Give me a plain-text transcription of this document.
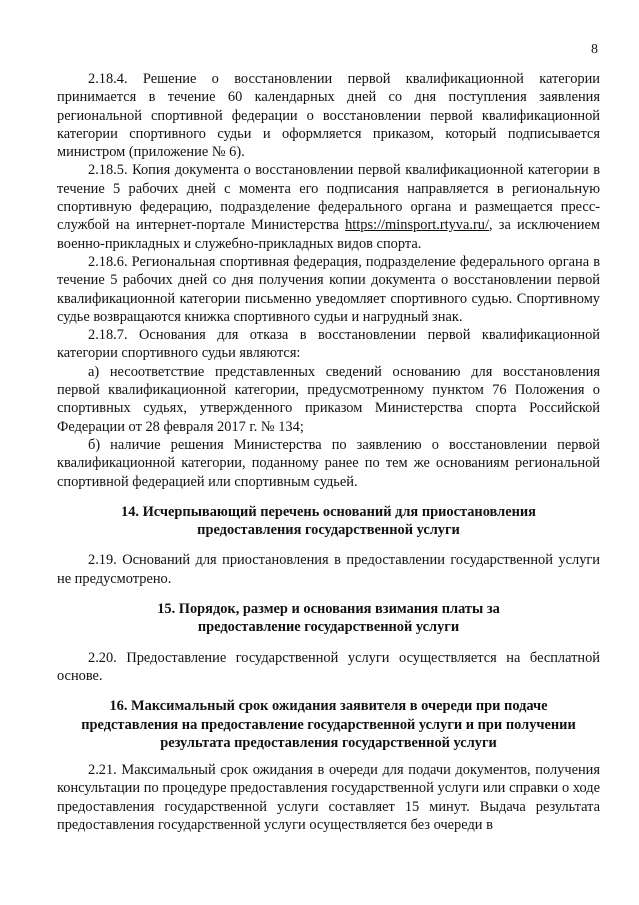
8

2.18.4. Решение о восстановлении первой квалификационной категории принимается в течение 60 календарных дней со дня поступления заявления региональной спортивной федерации о восстановлении первой квалификационной категории спортивного судьи и оформляется приказом, который подписывается министром (приложение № 6).

2.18.5. Копия документа о восстановлении первой квалификационной категории в течение 5 рабочих дней с момента его подписания направляется в региональную спортивную федерацию, подразделение федерального органа и размещается пресс-службой на интернет-портале Министерства https://minsport.rtyva.ru/, за исключением военно-прикладных и служебно-прикладных видов спорта.

2.18.6. Региональная спортивная федерация, подразделение федерального органа в течение 5 рабочих дней со дня получения копии документа о восстановлении первой квалификационной категории письменно уведомляет спортивного судью. Спортивному судье возвращаются книжка спортивного судьи и нагрудный знак.

2.18.7. Основания для отказа в восстановлении первой квалификационной категории спортивного судьи являются:

а) несоответствие представленных сведений основанию для восстановления первой квалификационной категории, предусмотренному пунктом 76 Положения о спортивных судьях, утвержденного приказом Министерства спорта Российской Федерации от 28 февраля 2017 г. № 134;

б) наличие решения Министерства по заявлению о восстановлении первой квалификационной категории, поданному ранее по тем же основаниям региональной спортивной федерацией или спортивным судьей.

14. Исчерпывающий перечень оснований для приостановления
предоставления государственной услуги

2.19. Оснований для приостановления в предоставлении государственной услуги не предусмотрено.

15. Порядок, размер и основания взимания платы за
предоставление государственной услуги

2.20. Предоставление государственной услуги осуществляется на бесплатной основе.

16. Максимальный срок ожидания заявителя в очереди при подаче
представления на предоставление государственной услуги и при получении
результата предоставления государственной услуги

2.21. Максимальный срок ожидания в очереди для подачи документов, получения консультации по процедуре предоставления государственной услуги или справки о ходе предоставления государственной услуги составляет 15 минут. Выдача результата предоставления государственной услуги осуществляется без очереди в
